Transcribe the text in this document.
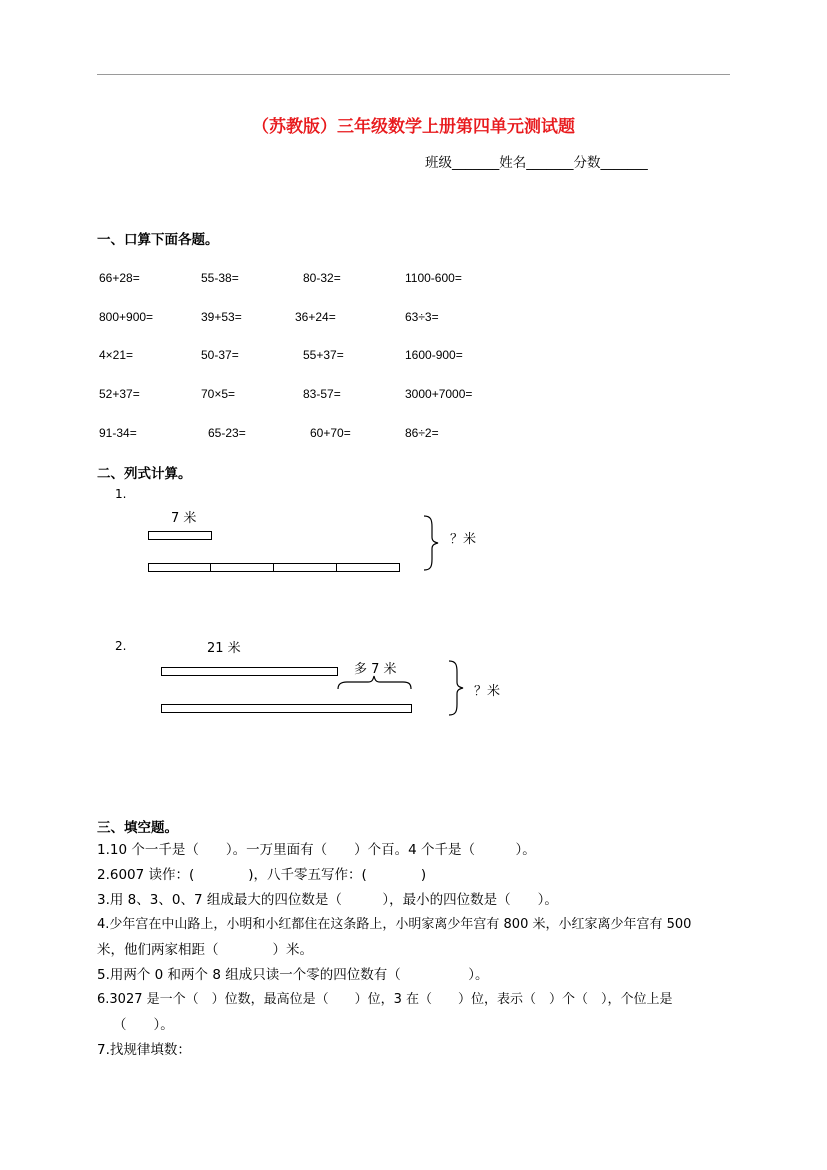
（苏教版）三年级数学上册第四单元测试题
班级_______姓名_______分数_______
一、口算下面各题。
66+28=	55-38=	80-32=	1100-600=
800+900=	39+53=	36+24=	63÷3=
4×21=	50-37=	55+37=	1600-900=
52+37=	70×5=	83-57=	3000+7000=
91-34=	65-23=	60+70=	86÷2=
二、列式计算。
1.
7 米
？米
2.	21 米
多 7 米
？米
三、填空题。
1.10 个一千是（　　）。一万里面有（　　）个百。4 个千是（　　　）。
2.6007 读作：(　　　　)，八千零五写作：(　　　　)
3.用 8、3、0、7 组成最大的四位数是（　　　），最小的四位数是（　　）。
4.少年宫在中山路上，小明和小红都住在这条路上，小明家离少年宫有 800 米，小红家离少年宫有 500
米，他们两家相距（　　　　）米。
5.用两个 0 和两个 8 组成只读一个零的四位数有（　　　　　）。
6.3027 是一个（　）位数，最高位是（　　）位，3 在（　　）位，表示（　）个（　），个位上是
（　　）。
7.找规律填数：
